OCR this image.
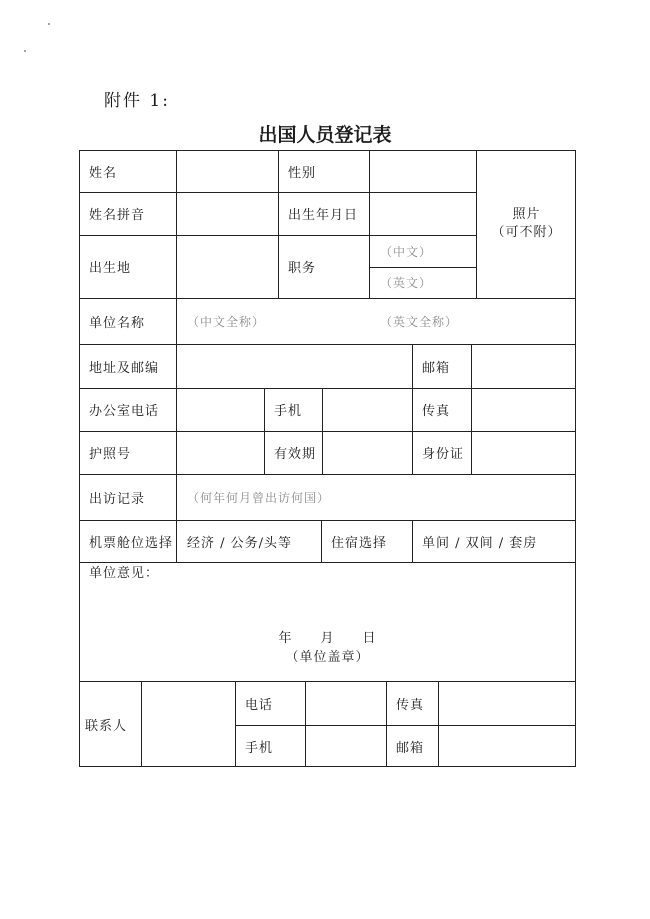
附件 1:
出国人员登记表
姓名	性别
照片
（可不附）
姓名拼音	出生年月日
出生地	职务
（中文）
（英文）
单位名称	（中文全称）	（英文全称）
地址及邮编	邮箱
办公室电话	手机	传真
护照号	有效期	身份证
出访记录	（何年何月曾出访何国）
机票舱位选择	经济 / 公务/头等	住宿选择	单间 / 双间 / 套房
单位意见：
年　　月　　日
（单位盖章）
联系人
电话	传真
手机	邮箱
